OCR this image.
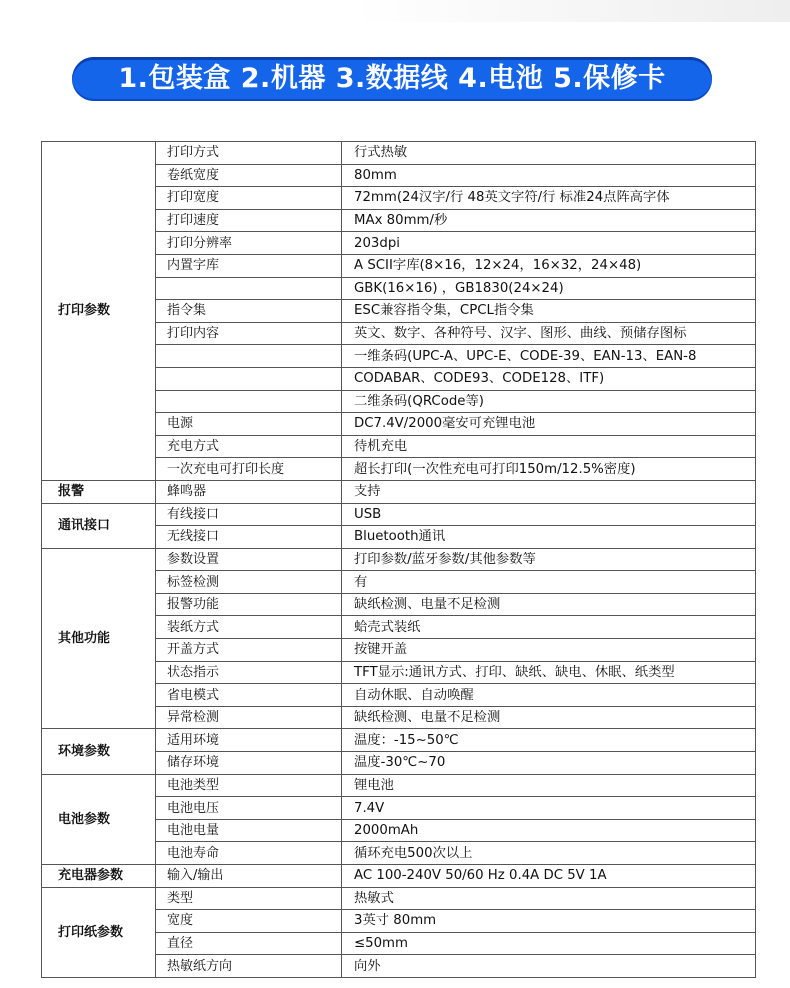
1.包装盒 2.机器 3.数据线 4.电池 5.保修卡
打印参数	打印方式	行式热敏
	卷纸宽度	80mm
	打印宽度	72mm(24汉字/行 48英文字符/行 标准24点阵高字体
	打印速度	MAx 80mm/秒
	打印分辨率	203dpi
	内置字库	A SCII字库(8×16，12×24，16×32，24×48)
		GBK(16×16) ，GB1830(24×24)
	指令集	ESC兼容指令集，CPCL指令集
	打印内容	英文、数字、各种符号、汉字、图形、曲线、预储存图标
		一维条码(UPC-A、UPC-E、CODE-39、EAN-13、EAN-8
		CODABAR、CODE93、CODE128、ITF)
		二维条码(QRCode等)
	电源	DC7.4V/2000毫安可充锂电池
	充电方式	待机充电
	一次充电可打印长度	超长打印(一次性充电可打印150m/12.5%密度)
报警	蜂鸣器	支持
通讯接口	有线接口	USB
	无线接口	Bluetooth通讯
其他功能	参数设置	打印参数/蓝牙参数/其他参数等
	标签检测	有
	报警功能	缺纸检测、电量不足检测
	装纸方式	蛤壳式装纸
	开盖方式	按键开盖
	状态指示	TFT显示:通讯方式、打印、缺纸、缺电、休眠、纸类型
	省电模式	自动休眠、自动唤醒
	异常检测	缺纸检测、电量不足检测
环境参数	适用环境	温度：-15~50℃
	储存环境	温度-30℃~70
电池参数	电池类型	锂电池
	电池电压	7.4V
	电池电量	2000mAh
	电池寿命	循环充电500次以上
充电器参数	输入/输出	AC 100-240V 50/60 Hz 0.4A DC 5V 1A
打印纸参数	类型	热敏式
	宽度	3英寸 80mm
	直径	≤50mm
	热敏纸方向	向外
